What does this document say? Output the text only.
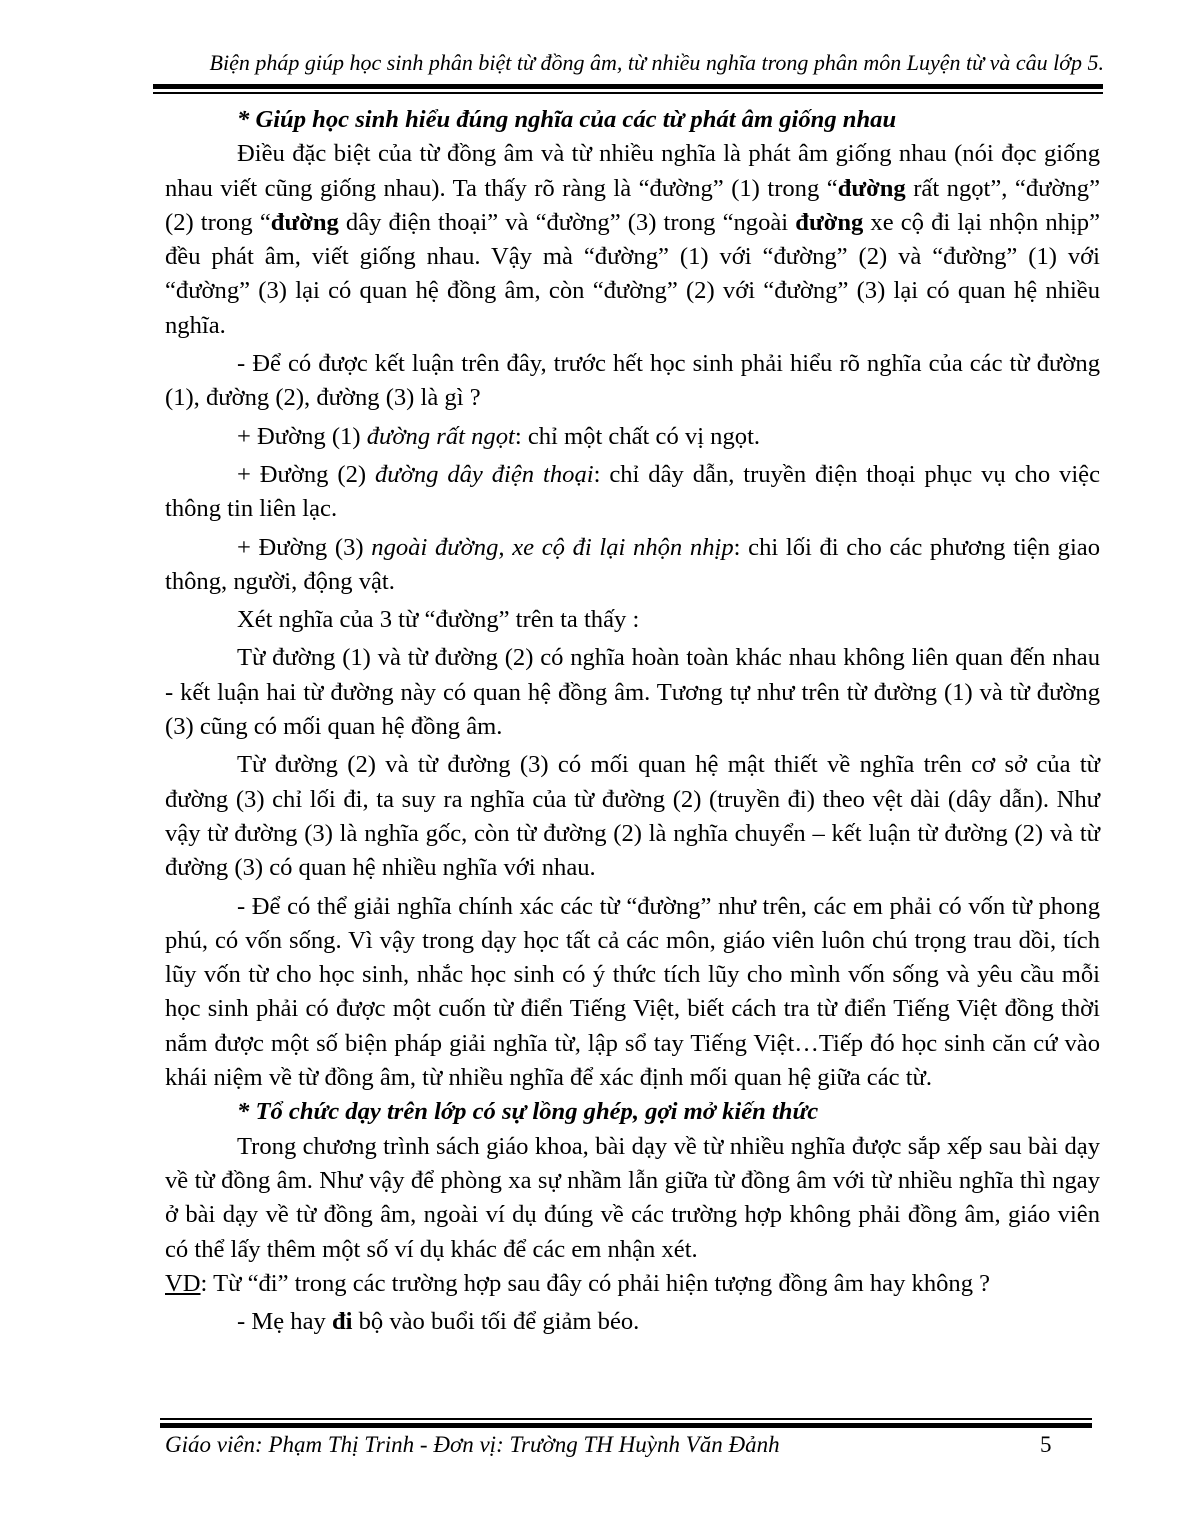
Biện pháp giúp học sinh phân biệt từ đồng âm, từ nhiều nghĩa trong phân môn Luyện từ và câu lớp 5.

* Giúp học sinh hiểu đúng nghĩa của các từ phát âm giống nhau

Điều đặc biệt của từ đồng âm và từ nhiều nghĩa là phát âm giống nhau (nói đọc giống nhau viết cũng giống nhau). Ta thấy rõ ràng là “đường” (1) trong “đường rất ngọt”, “đường” (2) trong “đường dây điện thoại” và “đường” (3) trong “ngoài đường xe cộ đi lại nhộn nhịp” đều phát âm, viết giống nhau. Vậy mà “đường” (1) với “đường” (2) và “đường” (1) với “đường” (3) lại có quan hệ đồng âm, còn “đường” (2) với “đường” (3) lại có quan hệ nhiều nghĩa.

- Để có được kết luận trên đây, trước hết học sinh phải hiểu rõ nghĩa của các từ đường (1), đường (2), đường (3) là gì ?

+ Đường (1) đường rất ngọt: chỉ một chất có vị ngọt.

+ Đường (2) đường dây điện thoại: chỉ dây dẫn, truyền điện thoại phục vụ cho việc thông tin liên lạc.

+ Đường (3) ngoài đường, xe cộ đi lại nhộn nhịp: chi lối đi cho các phương tiện giao thông, người, động vật.

Xét nghĩa của 3 từ “đường” trên ta thấy :

Từ đường (1) và từ đường (2) có nghĩa hoàn toàn khác nhau không liên quan đến nhau - kết luận hai từ đường này có quan hệ đồng âm. Tương tự như trên từ đường (1) và từ đường (3) cũng có mối quan hệ đồng âm.

Từ đường (2) và từ đường (3) có mối quan hệ mật thiết về nghĩa trên cơ sở của từ đường (3) chỉ lối đi, ta suy ra nghĩa của từ đường (2) (truyền đi) theo vệt dài (dây dẫn). Như vậy từ đường (3) là nghĩa gốc, còn từ đường (2) là nghĩa chuyển – kết luận từ đường (2) và từ đường (3) có quan hệ nhiều nghĩa với nhau.

- Để có thể giải nghĩa chính xác các từ “đường” như trên, các em phải có vốn từ phong phú, có vốn sống. Vì vậy trong dạy học tất cả các môn, giáo viên luôn chú trọng trau dồi, tích lũy vốn từ cho học sinh, nhắc học sinh có ý thức tích lũy cho mình vốn sống và yêu cầu mỗi học sinh phải có được một cuốn từ điển Tiếng Việt, biết cách tra từ điển Tiếng Việt đồng thời nắm được một số biện pháp giải nghĩa từ, lập sổ tay Tiếng Việt…Tiếp đó học sinh căn cứ vào khái niệm về từ đồng âm, từ nhiều nghĩa để xác định mối quan hệ giữa các từ.

* Tổ chức dạy trên lớp có sự lồng ghép, gợi mở kiến thức

Trong chương trình sách giáo khoa, bài dạy về từ nhiều nghĩa được sắp xếp sau bài dạy về từ đồng âm. Như vậy để phòng xa sự nhầm lẫn giữa từ đồng âm với từ nhiều nghĩa thì ngay ở bài dạy về từ đồng âm, ngoài ví dụ đúng về các trường hợp không phải đồng âm, giáo viên có thể lấy thêm một số ví dụ khác để các em nhận xét.

VD: Từ “đi” trong các trường hợp sau đây có phải hiện tượng đồng âm hay không ?

- Mẹ hay đi bộ vào buổi tối để giảm béo.

Giáo viên: Phạm Thị Trinh - Đơn vị: Trường TH Huỳnh Văn Đảnh	5
